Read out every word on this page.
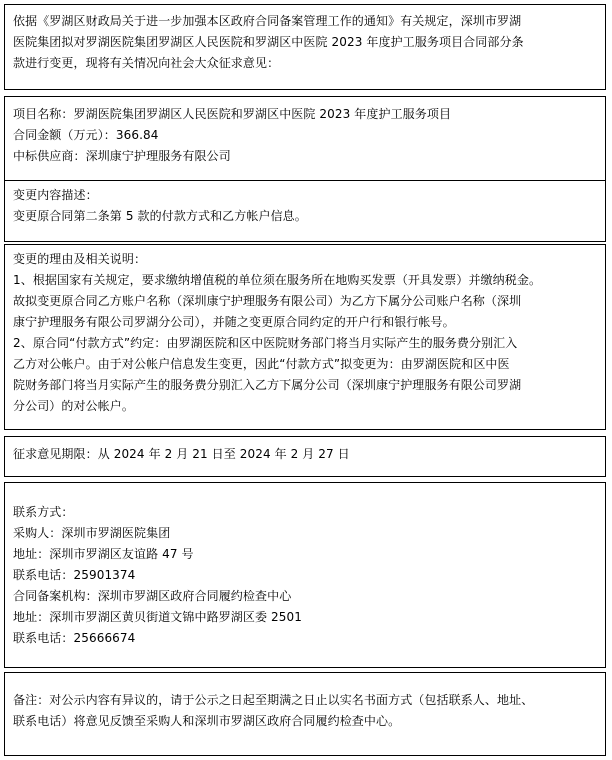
依据《罗湖区财政局关于进一步加强本区政府合同备案管理工作的通知》有关规定，深圳市罗湖
医院集团拟对罗湖医院集团罗湖区人民医院和罗湖区中医院 2023 年度护工服务项目合同部分条
款进行变更，现将有关情况向社会大众征求意见：
项目名称：罗湖医院集团罗湖区人民医院和罗湖区中医院 2023 年度护工服务项目
合同金额（万元）：366.84
中标供应商：深圳康宁护理服务有限公司
变更内容描述：
变更原合同第二条第 5 款的付款方式和乙方帐户信息。
变更的理由及相关说明：
1、根据国家有关规定，要求缴纳增值税的单位须在服务所在地购买发票（开具发票）并缴纳税金。
故拟变更原合同乙方账户名称（深圳康宁护理服务有限公司）为乙方下属分公司账户名称（深圳
康宁护理服务有限公司罗湖分公司），并随之变更原合同约定的开户行和银行帐号。
2、原合同“付款方式”约定：由罗湖医院和区中医院财务部门将当月实际产生的服务费分别汇入
乙方对公帐户。由于对公帐户信息发生变更，因此“付款方式”拟变更为：由罗湖医院和区中医
院财务部门将当月实际产生的服务费分别汇入乙方下属分公司（深圳康宁护理服务有限公司罗湖
分公司）的对公帐户。
征求意见期限：从 2024 年 2 月 21 日至 2024 年 2 月 27 日
联系方式：
采购人：深圳市罗湖医院集团
地址：深圳市罗湖区友谊路 47 号
联系电话：25901374
合同备案机构：深圳市罗湖区政府合同履约检查中心
地址：深圳市罗湖区黄贝街道文锦中路罗湖区委 2501
联系电话：25666674
备注：对公示内容有异议的，请于公示之日起至期满之日止以实名书面方式（包括联系人、地址、
联系电话）将意见反馈至采购人和深圳市罗湖区政府合同履约检查中心。
